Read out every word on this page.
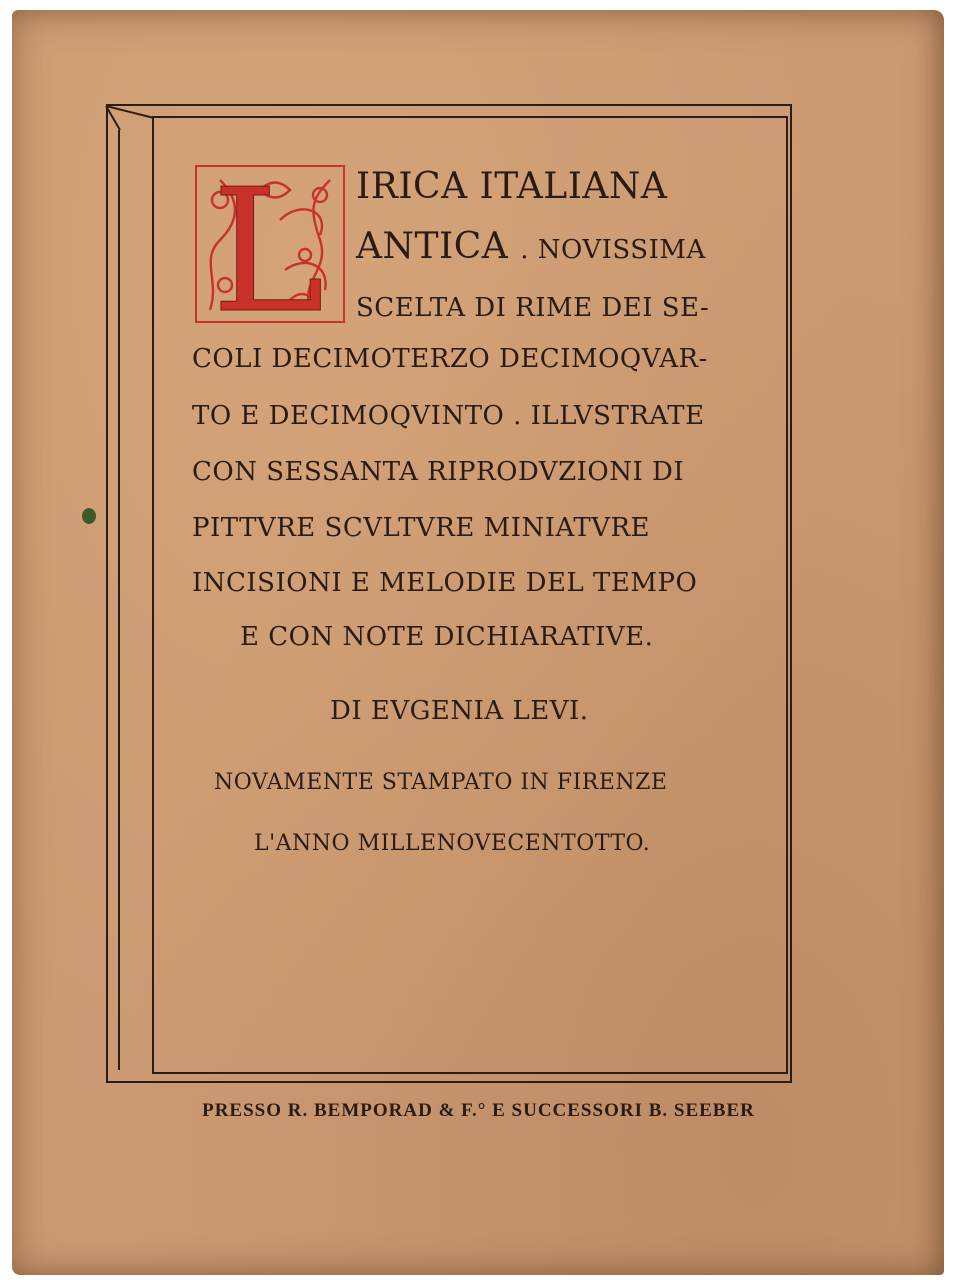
L IRICA ITALIANA
ANTICA . NOVISSIMA
SCELTA DI RIME DEI SE-
COLI DECIMOTERZO DECIMOQVAR-
TO E DECIMOQVINTO . ILLVSTRATE
CON SESSANTA RIPRODVZIONI DI
PITTVRE SCVLTVRE MINIATVRE
INCISIONI E MELODIE DEL TEMPO
E CON NOTE DICHIARATIVE.
DI EVGENIA LEVI.
NOVAMENTE STAMPATO IN FIRENZE
L'ANNO MILLENOVECENTOTTO.
PRESSO R. BEMPORAD & F.° E SUCCESSORI B. SEEBER
